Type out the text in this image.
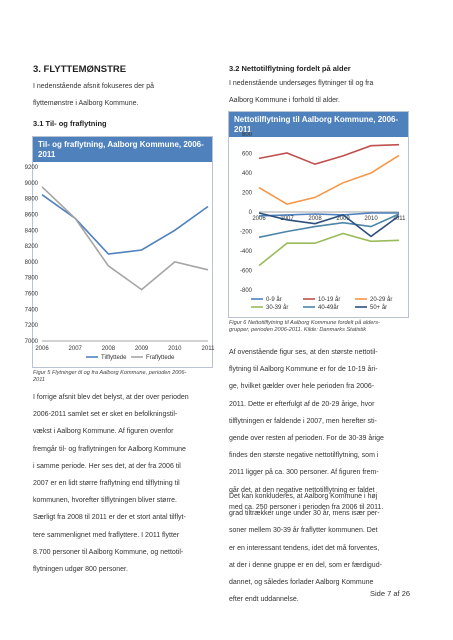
3. FLYTTEMØNSTRE
I nedenstående afsnit fokuseres der på
flyttemønstre i Aalborg Kommune.
3.1 Til- og fraflytning
Til- og fraflytning, Aalborg Kommune, 2006-2011
7000
7200
7400
7600
7800
8000
8200
8400
8600
8800
9000
9200
2006	2007	2008	2009	2010	2011
Tilflyttede	Fraflyttede
Figur 5 Flytninger til og fra Aalborg Kommune, perioden 2006-
2011
I forrige afsnit blev det belyst, at der over perioden
2006-2011 samlet set er sket en befolkningstil-
vækst i Aalborg Kommune. Af figuren ovenfor
fremgår til- og fraflytningen for Aalborg Kommune
i samme periode. Her ses det, at der fra 2006 til
2007 er en lidt større fraflytning end tilflytning til
kommunen, hvorefter tilflytningen bliver større.
Særligt fra 2008 til 2011 er der et stort antal tilflyt-
tere sammenlignet med fraflyttere. I 2011 flytter
8.700 personer til Aalborg Kommune, og nettotil-
flytningen udgør 800 personer.
3.2 Nettotilflytning fordelt på alder
I nedenstående undersøges flytninger til og fra
Aalborg Kommune i forhold til alder.
Nettotilflytning til Aalborg Kommune, 2006-2011
-800
-600
-400
-200
0
200
400
600
800
2006 2007 2008 2009 2010 2011
0-9 år	10-19 år	20-29 år
30-39 år	40-49år	50+ år
Figur 6 Nettotilflytning til Aalborg Kommune fordelt på alders-
grupper, perioden 2006-2011. Kilde: Danmarks Statistik
Af ovenstående figur ses, at den største nettotil-
flytning til Aalborg Kommune er for de 10-19 åri-
ge, hvilket gælder over hele perioden fra 2006-
2011. Dette er efterfulgt af de 20-29 årige, hvor
tilflytningen er faldende i 2007, men herefter sti-
gende over resten af perioden. For de 30-39 årige
findes den største negative nettotilflytning, som i
2011 ligger på ca. 300 personer. Af figuren frem-
går det, at den negative nettotilflytning er faldet
med ca. 250 personer i perioden fra 2006 til 2011.
Det kan konkluderes, at Aalborg Kommune i høj
grad tiltrækker unge under 30 år, mens især per-
soner mellem 30-39 år fraflytter kommunen. Det
er en interessant tendens, idet det må forventes,
at der i denne gruppe er en del, som er færdigud-
dannet, og således forlader Aalborg Kommune
efter endt uddannelse.
Side 7 af 26
